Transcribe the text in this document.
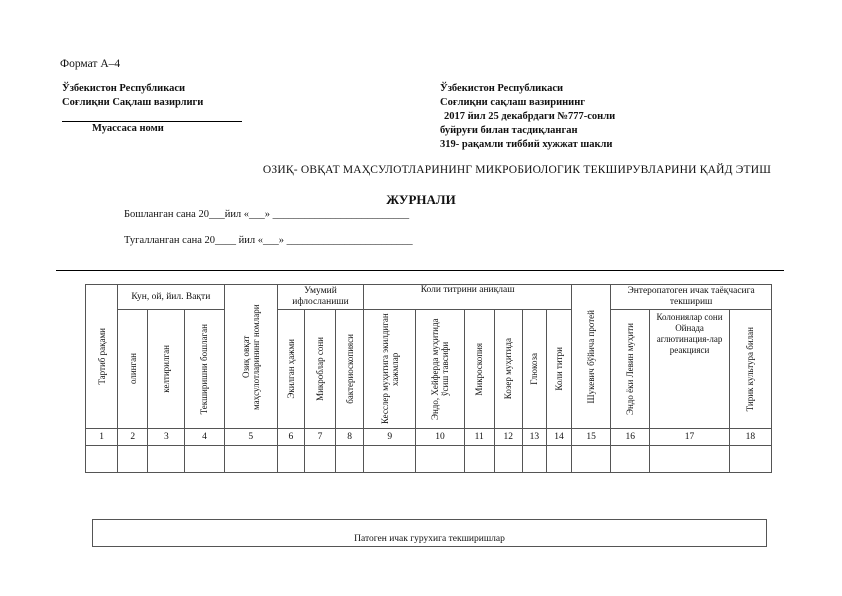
Формат А–4
Ўзбекистон Республикаси
Соғлиқни Сақлаш вазирлиги
Муассаса номи
Ўзбекистон Республикаси
Соғлиқни сақлаш вазирининг
2017 йил 25 декабрдаги №777-сонли
буйруғи билан тасдиқланган
319- рақамли тиббий хужжат шакли
ОЗИҚ- ОВҚАТ МАҲСУЛОТЛАРИНИНГ МИКРОБИОЛОГИК ТЕКШИРУВЛАРИНИ ҚАЙД ЭТИШ
ЖУРНАЛИ
Бошланган сана 20___йил «___» __________________________
Тугалланган сана 20____ йил «___» ________________________
Тартиб рақами	Кун, ой, йил. Вақти			Озиқ овқат маҳсулотларининг номлари	Умумий ифлосланиши			Коли титрини аниқлаш						Шукевич бўйича протей	Энтеропатоген ичак таёқчасига текшириш		

	олинган	келтирилган	Текширишни бошлаган		Экилган ҳажми	Микроблар сони	бактериоскопияси	Кесслер муҳитига экилдиган хажмлар	Эндо, Хейферда муҳитида ўсиш тавсифи	Микроскопия	Козер муҳитида	Глюкоза	Коли титри		Эндо ёки Левин муҳити	Колониялар сони Ойнада аглютинация-лар реакцияси	Тирик культура билан

1	2	3	4	5	6	7	8	9	10	11	12	13	14	15	16	17	18

Патоген ичак гурухига текширишлар
